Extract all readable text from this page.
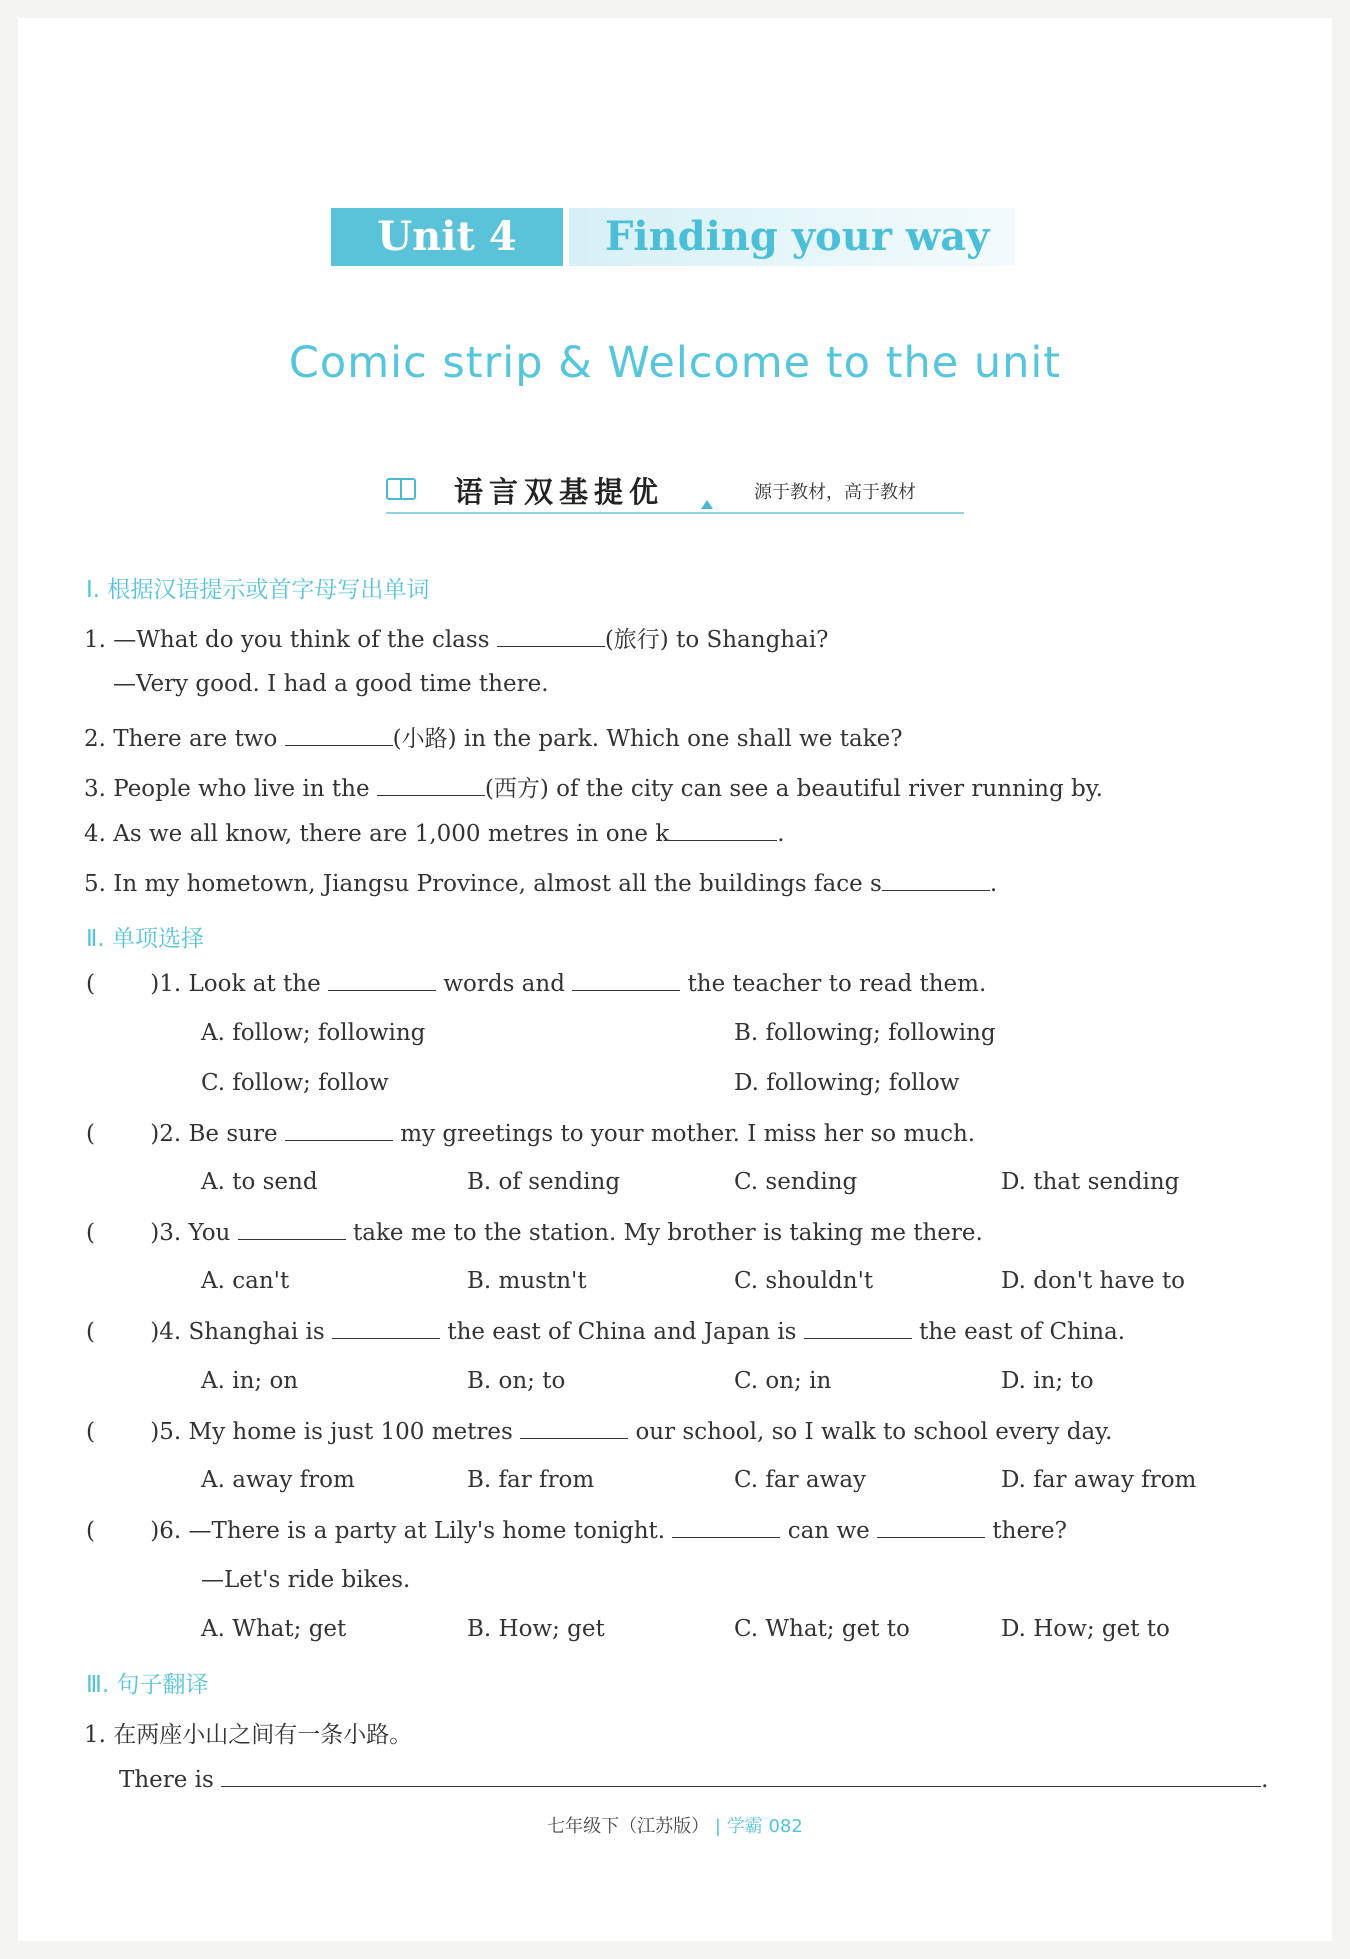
Unit 4	Finding your way
Comic strip & Welcome to the unit
语言双基提优	源于教材，高于教材
Ⅰ. 根据汉语提示或首字母写出单词
1. —What do you think of the class	(旅行) to Shanghai?
—Very good. I had a good time there.
2. There are two	(小路) in the park. Which one shall we take?
3. People who live in the	(西方) of the city can see a beautiful river running by.
4. As we all know, there are 1,000 metres in one k	.
5. In my hometown, Jiangsu Province, almost all the buildings face s	.
Ⅱ. 单项选择
( )1. Look at the	words and	the teacher to read them.
A. follow; following	B. following; following
C. follow; follow	D. following; follow
( )2. Be sure	my greetings to your mother. I miss her so much.
A. to send	B. of sending	C. sending	D. that sending
( )3. You	take me to the station. My brother is taking me there.
A. can't	B. mustn't	C. shouldn't	D. don't have to
( )4. Shanghai is	the east of China and Japan is	the east of China.
A. in; on	B. on; to	C. on; in	D. in; to
( )5. My home is just 100 metres	our school, so I walk to school every day.
A. away from	B. far from	C. far away	D. far away from
( )6. —There is a party at Lily's home tonight.	can we	there?
—Let's ride bikes.
A. What; get	B. How; get	C. What; get to	D. How; get to
Ⅲ. 句子翻译
1. 在两座小山之间有一条小路。
There is	.
七年级下（江苏版） | 学霸 082
